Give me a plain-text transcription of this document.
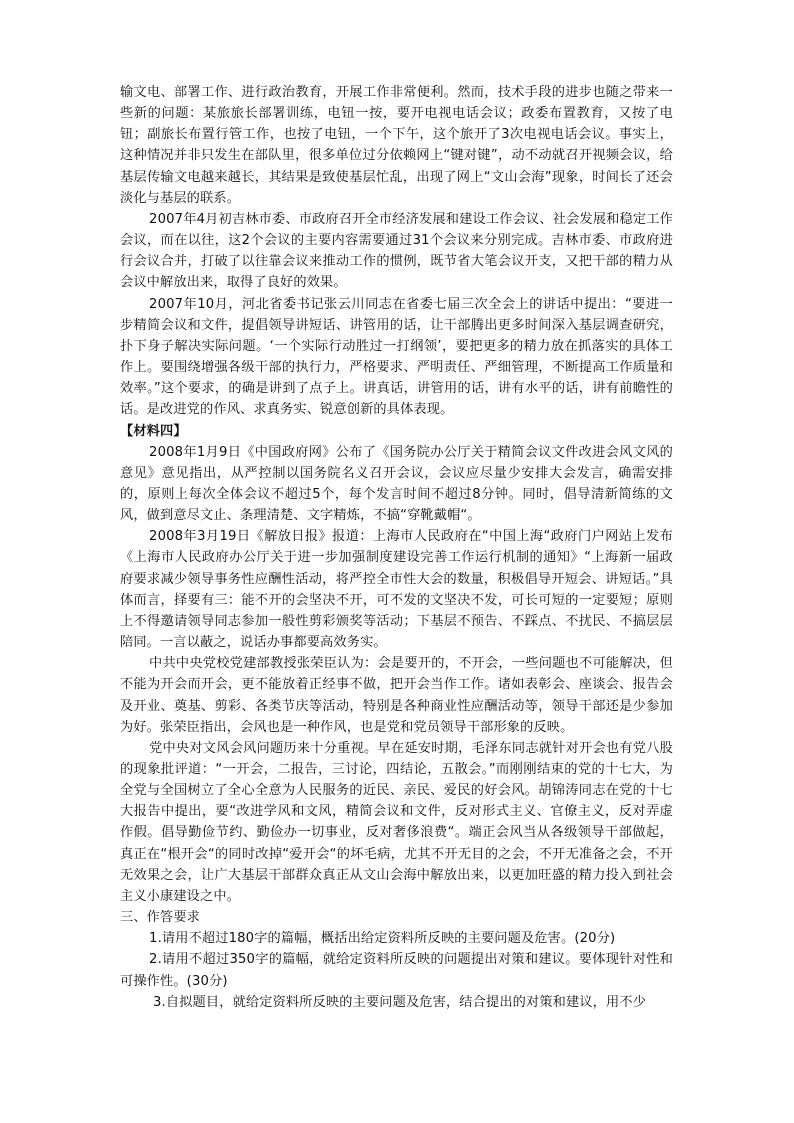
输文电、部署工作、进行政治教育，开展工作非常便利。然而，技术手段的进步也随之带来一些新的问题：某旅旅长部署训练，电钮一按，要开电视电话会议；政委布置教育，又按了电钮；副旅长布置行管工作，也按了电钮，一个下午，这个旅开了3次电视电话会议。事实上，这种情况并非只发生在部队里，很多单位过分依赖网上“键对键”，动不动就召开视频会议，给基层传输文电越来越长，其结果是致使基层忙乱，出现了网上“文山会海”现象，时间长了还会淡化与基层的联系。

2007年4月初吉林市委、市政府召开全市经济发展和建设工作会议、社会发展和稳定工作会议，而在以往，这2个会议的主要内容需要通过31个会议来分别完成。吉林市委、市政府进行会议合并，打破了以往靠会议来推动工作的惯例，既节省大笔会议开支，又把干部的精力从会议中解放出来，取得了良好的效果。

2007年10月，河北省委书记张云川同志在省委七届三次全会上的讲话中提出：“要进一步精简会议和文件，提倡领导讲短话、讲管用的话，让干部腾出更多时间深入基层调查研究，扑下身子解决实际问题。‘一个实际行动胜过一打纲领’，要把更多的精力放在抓落实的具体工作上。要围绕增强各级干部的执行力，严格要求、严明责任、严细管理，不断提高工作质量和效率。”这个要求，的确是讲到了点子上。讲真话，讲管用的话，讲有水平的话，讲有前瞻性的话。是改进党的作风、求真务实、锐意创新的具体表现。

【材料四】

2008年1月9日《中国政府网》公布了《国务院办公厅关于精简会议文件改进会风文风的意见》意见指出，从严控制以国务院名义召开会议，会议应尽量少安排大会发言，确需安排的，原则上每次全体会议不超过5个，每个发言时间不超过8分钟。同时，倡导清新简练的文风，做到意尽文止、条理清楚、文字精炼，不搞“穿靴戴帽“。

2008年3月19日《解放日报》报道：上海市人民政府在“中国上海“政府门户网站上发布《上海市人民政府办公厅关于进一步加强制度建设完善工作运行机制的通知》“上海新一届政府要求减少领导事务性应酬性活动，将严控全市性大会的数量，积极倡导开短会、讲短话。”具体而言，择要有三：能不开的会坚决不开，可不发的文坚决不发，可长可短的一定要短；原则上不得邀请领导同志参加一般性剪彩颁奖等活动；下基层不预告、不踩点、不扰民、不搞层层陪同。一言以蔽之，说话办事都要高效务实。

中共中央党校党建部教授张荣臣认为：会是要开的，不开会，一些问题也不可能解决，但不能为开会而开会，更不能放着正经事不做，把开会当作工作。诸如表彰会、座谈会、报告会及开业、奠基、剪彩、各类节庆等活动，特别是各种商业性应酬活动等，领导干部还是少参加为好。张荣臣指出，会风也是一种作风，也是党和党员领导干部形象的反映。

党中央对文风会风问题历来十分重视。早在延安时期，毛泽东同志就针对开会也有党八股的现象批评道：“一开会，二报告，三讨论，四结论，五散会。”而刚刚结束的党的十七大，为全党与全国树立了全心全意为人民服务的近民、亲民、爱民的好会风。胡锦涛同志在党的十七大报告中提出，要“改进学风和文风，精简会议和文件，反对形式主义、官僚主义，反对弄虚作假。倡导勤俭节约、勤俭办一切事业，反对奢侈浪费“。端正会风当从各级领导干部做起，真正在“根开会“的同时改掉“爱开会“的坏毛病，尤其不开无目的之会，不开无准备之会，不开无效果之会，让广大基层干部群众真正从文山会海中解放出来，以更加旺盛的精力投入到社会主义小康建设之中。

三、作答要求

1.请用不超过180字的篇幅，概括出给定资料所反映的主要问题及危害。(20分)

2.请用不超过350字的篇幅，就给定资料所反映的问题提出对策和建议。要体现针对性和可操作性。(30分)

3.自拟题目，就给定资料所反映的主要问题及危害，结合提出的对策和建议，用不少
